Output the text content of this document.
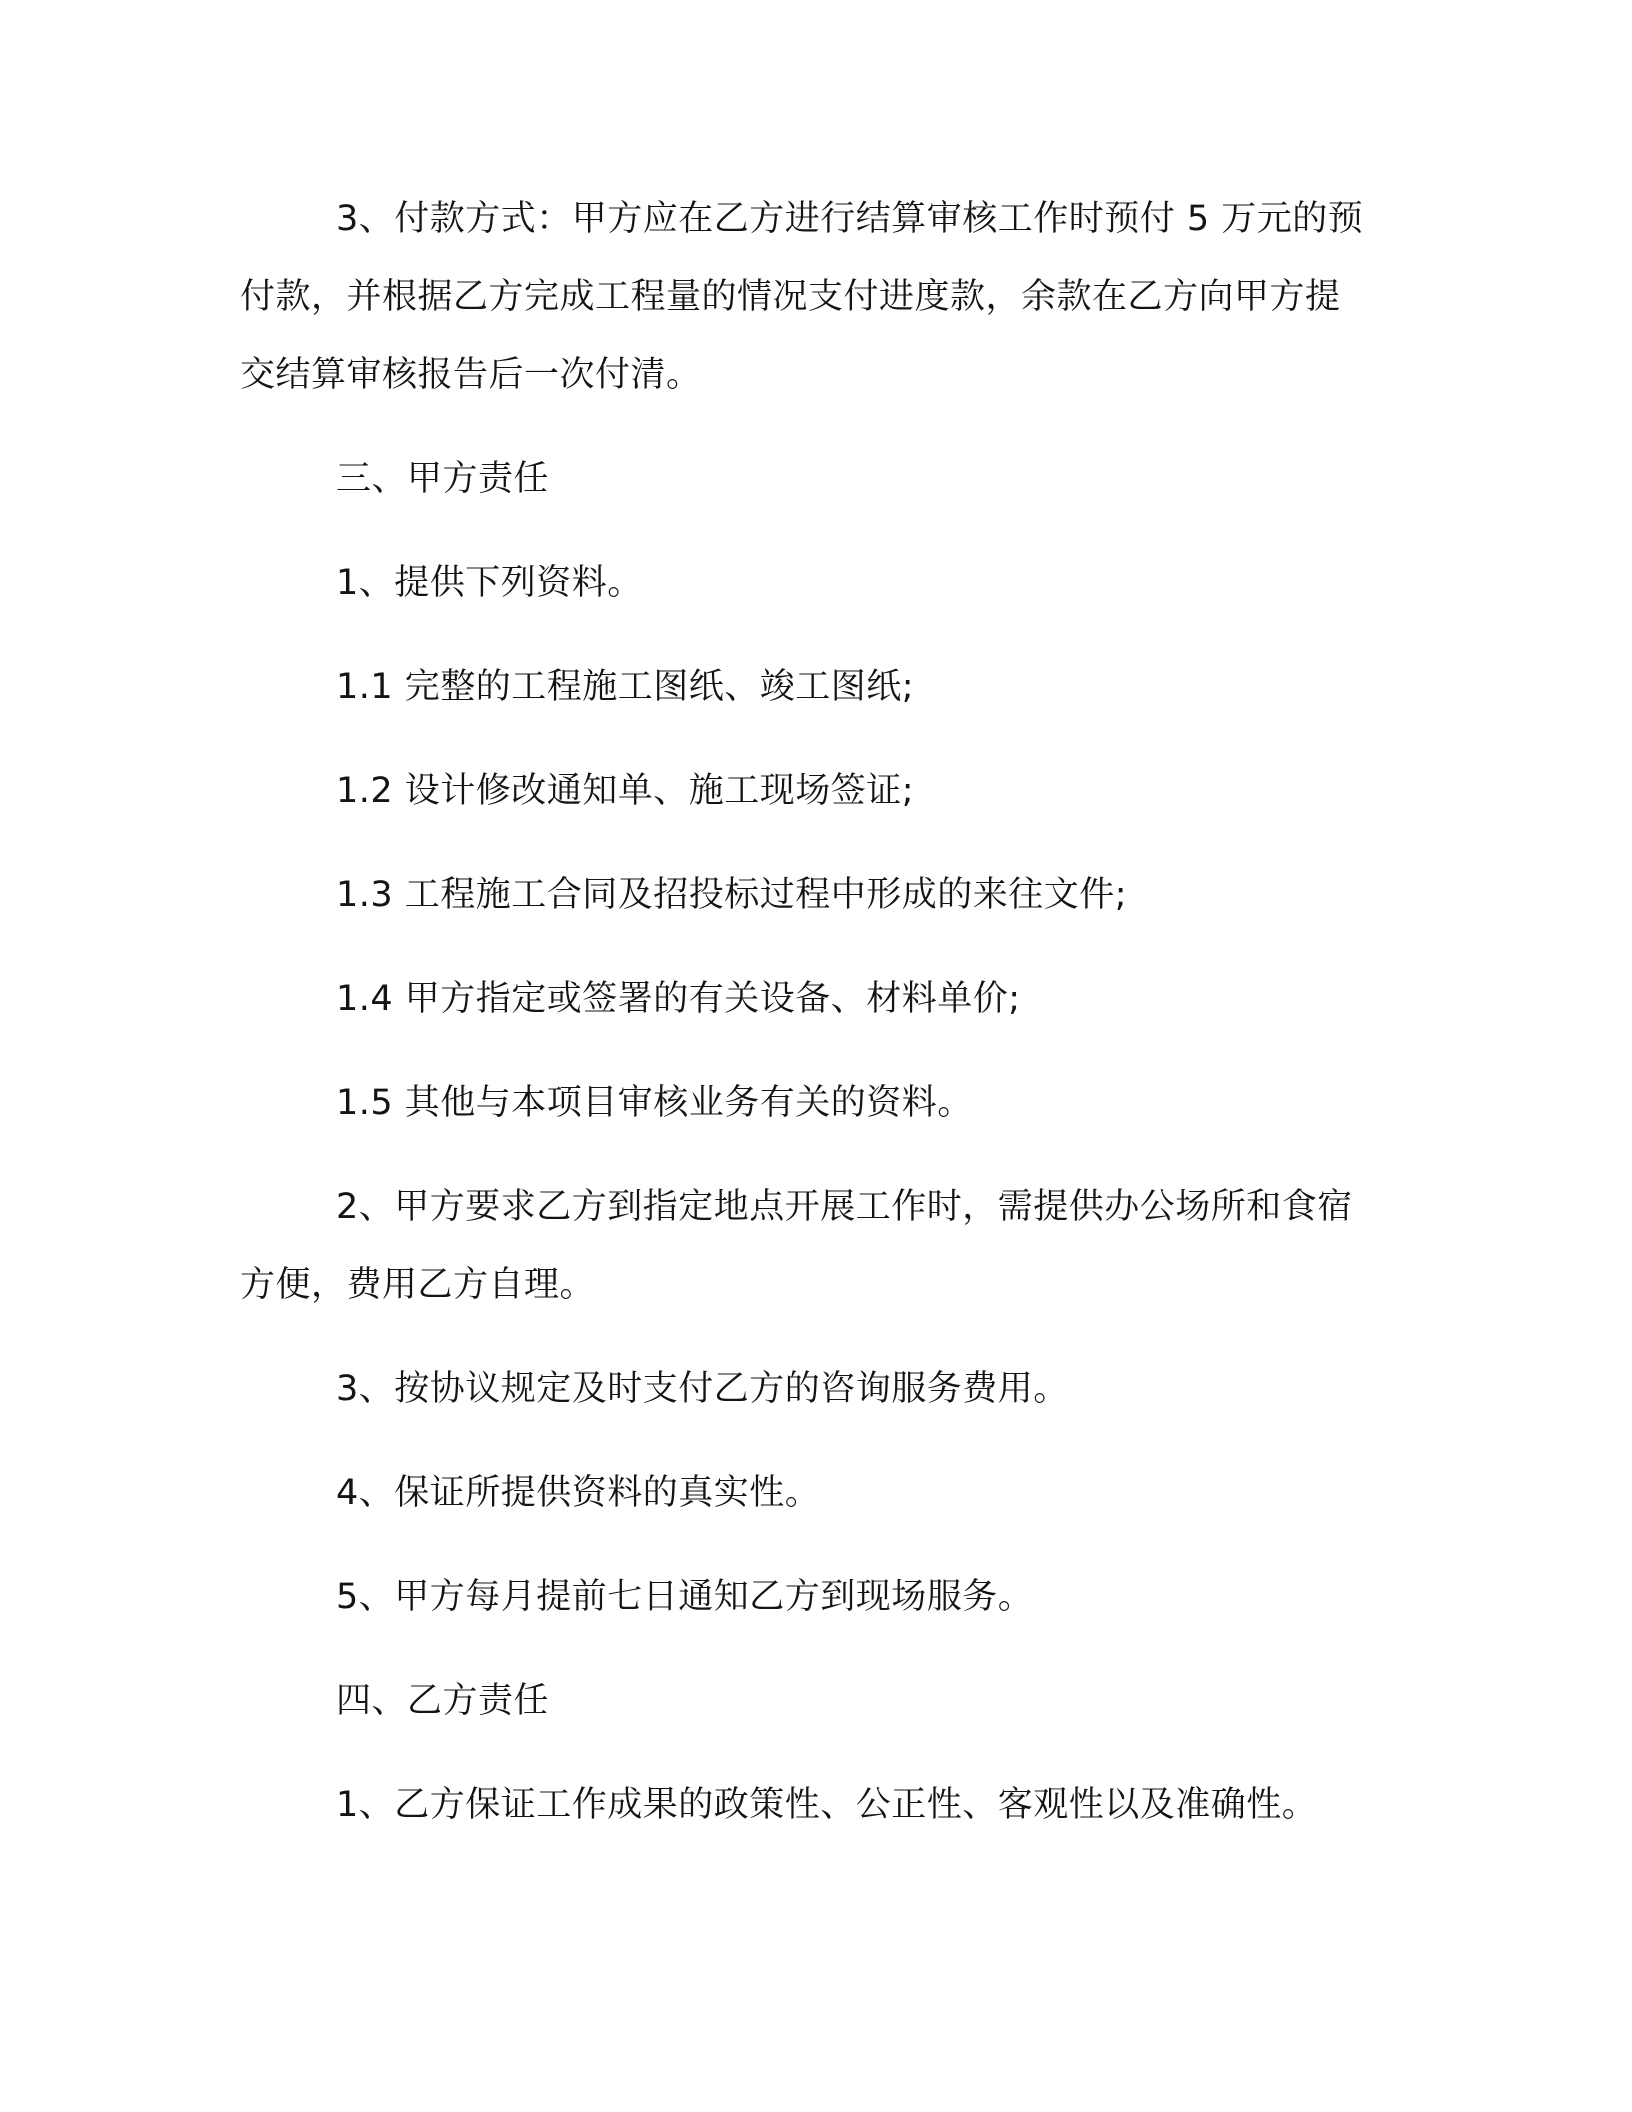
3、付款方式：甲方应在乙方进行结算审核工作时预付 5 万元的预付款，并根据乙方完成工程量的情况支付进度款，余款在乙方向甲方提交结算审核报告后一次付清。

三、甲方责任

1、提供下列资料。

1.1 完整的工程施工图纸、竣工图纸;

1.2 设计修改通知单、施工现场签证;

1.3 工程施工合同及招投标过程中形成的来往文件;

1.4 甲方指定或签署的有关设备、材料单价;

1.5 其他与本项目审核业务有关的资料。

2、甲方要求乙方到指定地点开展工作时，需提供办公场所和食宿方便，费用乙方自理。

3、按协议规定及时支付乙方的咨询服务费用。

4、保证所提供资料的真实性。

5、甲方每月提前七日通知乙方到现场服务。

四、乙方责任

1、乙方保证工作成果的政策性、公正性、客观性以及准确性。
